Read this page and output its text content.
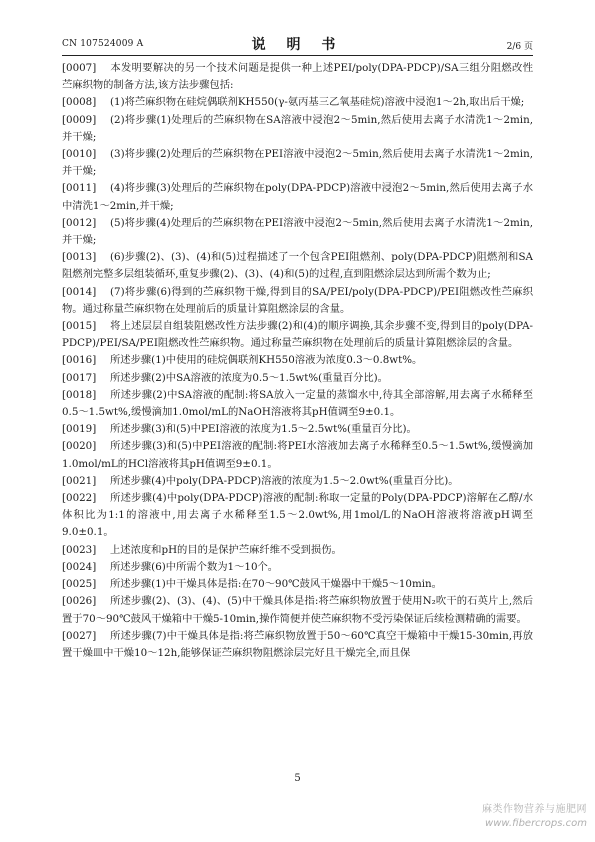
CN 107524009 A	说 明 书	2/6 页

[0007] 本发明要解决的另一个技术问题是提供一种上述PEI/poly(DPA-PDCP)/SA三组分阻燃改性苎麻织物的制备方法,该方法步骤包括:

[0008] (1)将苎麻织物在硅烷偶联剂KH550(γ-氨丙基三乙氧基硅烷)溶液中浸泡1～2h,取出后干燥;

[0009] (2)将步骤(1)处理后的苎麻织物在SA溶液中浸泡2～5min,然后使用去离子水清洗1～2min,并干燥;

[0010] (3)将步骤(2)处理后的苎麻织物在PEI溶液中浸泡2～5min,然后使用去离子水清洗1～2min,并干燥;

[0011] (4)将步骤(3)处理后的苎麻织物在poly(DPA-PDCP)溶液中浸泡2～5min,然后使用去离子水中清洗1～2min,并干燥;

[0012] (5)将步骤(4)处理后的苎麻织物在PEI溶液中浸泡2～5min,然后使用去离子水清洗1～2min,并干燥;

[0013] (6)步骤(2)、(3)、(4)和(5)过程描述了一个包含PEI阻燃剂、poly(DPA-PDCP)阻燃剂和SA阻燃剂完整多层组装循环,重复步骤(2)、(3)、(4)和(5)的过程,直到阻燃涂层达到所需个数为止;

[0014] (7)将步骤(6)得到的苎麻织物干燥,得到目的SA/PEI/poly(DPA-PDCP)/PEI阻燃改性苎麻织物。通过称量苎麻织物在处理前后的质量计算阻燃涂层的含量。

[0015] 将上述层层自组装阻燃改性方法步骤(2)和(4)的顺序调换,其余步骤不变,得到目的poly(DPA-PDCP)/PEI/SA/PEI阻燃改性苎麻织物。通过称量苎麻织物在处理前后的质量计算阻燃涂层的含量。

[0016] 所述步骤(1)中使用的硅烷偶联剂KH550溶液为浓度0.3～0.8wt%。

[0017] 所述步骤(2)中SA溶液的浓度为0.5～1.5wt%(重量百分比)。

[0018] 所述步骤(2)中SA溶液的配制:将SA放入一定量的蒸馏水中,待其全部溶解,用去离子水稀释至0.5～1.5wt%,缓慢滴加1.0mol/mL的NaOH溶液将其pH值调至9±0.1。

[0019] 所述步骤(3)和(5)中PEI溶液的浓度为1.5～2.5wt%(重量百分比)。

[0020] 所述步骤(3)和(5)中PEI溶液的配制:将PEI水溶液加去离子水稀释至0.5～1.5wt%,缓慢滴加1.0mol/mL的HCl溶液将其pH值调至9±0.1。

[0021] 所述步骤(4)中poly(DPA-PDCP)溶液的浓度为1.5～2.0wt%(重量百分比)。

[0022] 所述步骤(4)中poly(DPA-PDCP)溶液的配制:称取一定量的Poly(DPA-PDCP)溶解在乙醇/水体积比为1:1的溶液中,用去离子水稀释至1.5～2.0wt%,用1mol/L的NaOH溶液将溶液pH调至9.0±0.1。

[0023] 上述浓度和pH的目的是保护苎麻纤维不受到损伤。

[0024] 所述步骤(6)中所需个数为1～10个。

[0025] 所述步骤(1)中干燥具体是指:在70～90℃鼓风干燥器中干燥5～10min。

[0026] 所述步骤(2)、(3)、(4)、(5)中干燥具体是指:将苎麻织物放置于使用N₂吹干的石英片上,然后置于70～90℃鼓风干燥箱中干燥5-10min,操作简便并使苎麻织物不受污染保证后续检测精确的需要。

[0027] 所述步骤(7)中干燥具体是指:将苎麻织物放置于50～60℃真空干燥箱中干燥15-30min,再放置干燥皿中干燥10～12h,能够保证苎麻织物阻燃涂层完好且干燥完全,而且保

5
麻类作物营养与施肥网
www.fibercrops.com
